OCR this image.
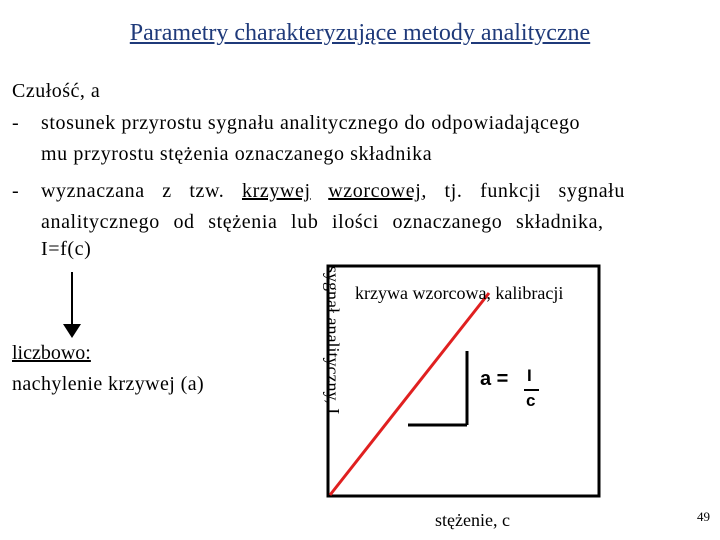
Parametry charakteryzujące metody analityczne
Czułość, a
- stosunek przyrostu sygnału analitycznego do odpowiadającego
mu przyrostu stężenia oznaczanego składnika
- wyznaczana z tzw. krzywej wzorcowej, tj. funkcji sygnału
analitycznego od stężenia lub ilości oznaczanego składnika,
I=f(c)
liczbowo:
nachylenie krzywej (a)
krzywa wzorcowa, kalibracji
sygnał analityczny, I
stężenie, c
a = I
c
49
